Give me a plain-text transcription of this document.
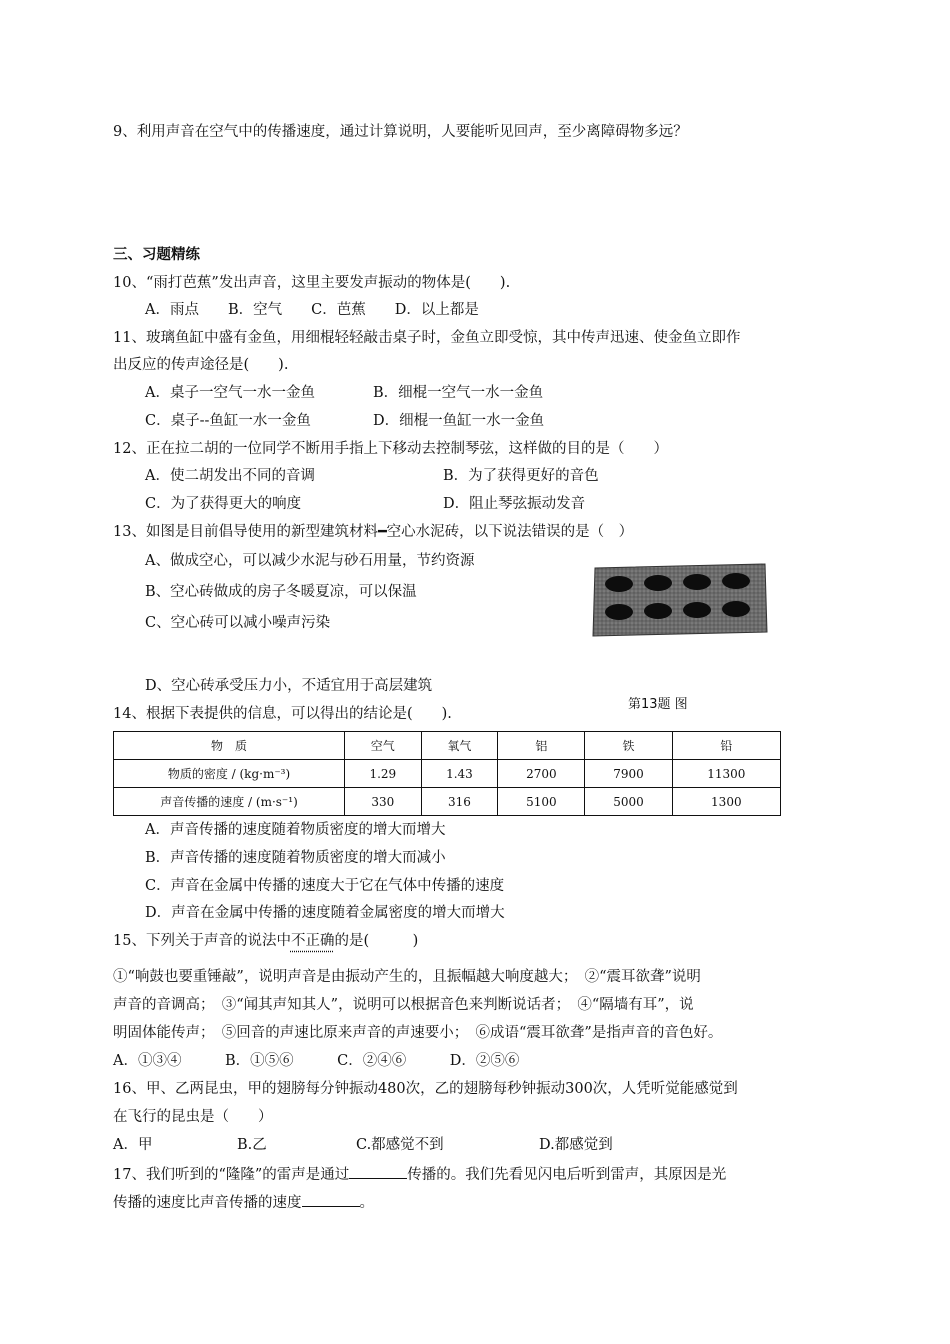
9、利用声音在空气中的传播速度，通过计算说明，人要能听见回声，至少离障碍物多远？
三、习题精练
10、“雨打芭蕉”发出声音，这里主要发声振动的物体是(　　).
A．雨点　　B．空气　　C．芭蕉　　D．以上都是
11、玻璃鱼缸中盛有金鱼，用细棍轻轻敲击桌子时，金鱼立即受惊，其中传声迅速、使金鱼立即作
出反应的传声途径是(　　).
A．桌子一空气一水一金鱼	B．细棍一空气一水一金鱼
C．桌子--鱼缸一水一金鱼	D．细棍一鱼缸一水一金鱼
12、正在拉二胡的一位同学不断用手指上下移动去控制琴弦，这样做的目的是（　　）
A．使二胡发出不同的音调	B．为了获得更好的音色
C．为了获得更大的响度	D．阻止琴弦振动发音
13、如图是目前倡导使用的新型建筑材料━空心水泥砖，以下说法错误的是（　）
A、做成空心，可以减少水泥与砂石用量，节约资源
B、空心砖做成的房子冬暖夏凉，可以保温
C、空心砖可以减小噪声污染
D、空心砖承受压力小，不适宜用于高层建筑
第13题 图
14、根据下表提供的信息，可以得出的结论是(　　).
物　质	空气	氧气	铝	铁	铅
物质的密度 / (kg·m⁻³)	1.29	1.43	2700	7900	11300
声音传播的速度 / (m·s⁻¹)	330	316	5100	5000	1300
A．声音传播的速度随着物质密度的增大而增大
B．声音传播的速度随着物质密度的增大而减小
C．声音在金属中传播的速度大于它在气体中传播的速度
D．声音在金属中传播的速度随着金属密度的增大而增大
15、下列关于声音的说法中不正确的是(　　　)
①“响鼓也要重锤敲”，说明声音是由振动产生的，且振幅越大响度越大；　②“震耳欲聋”说明
声音的音调高；　③“闻其声知其人”，说明可以根据音色来判断说话者；　④“隔墙有耳”，说
明固体能传声；　⑤回音的声速比原来声音的声速要小；　⑥成语“震耳欲聋”是指声音的音色好。
A．①③④　　　B．①⑤⑥　　　C．②④⑥　　　D．②⑤⑥
16、甲、乙两昆虫，甲的翅膀每分钟振动480次，乙的翅膀每秒钟振动300次，人凭听觉能感觉到
在飞行的昆虫是（　　）
A．甲	B.乙	C.都感觉不到	D.都感觉到
17、我们听到的“隆隆”的雷声是通过	传播的。我们先看见闪电后听到雷声，其原因是光
传播的速度比声音传播的速度	。
